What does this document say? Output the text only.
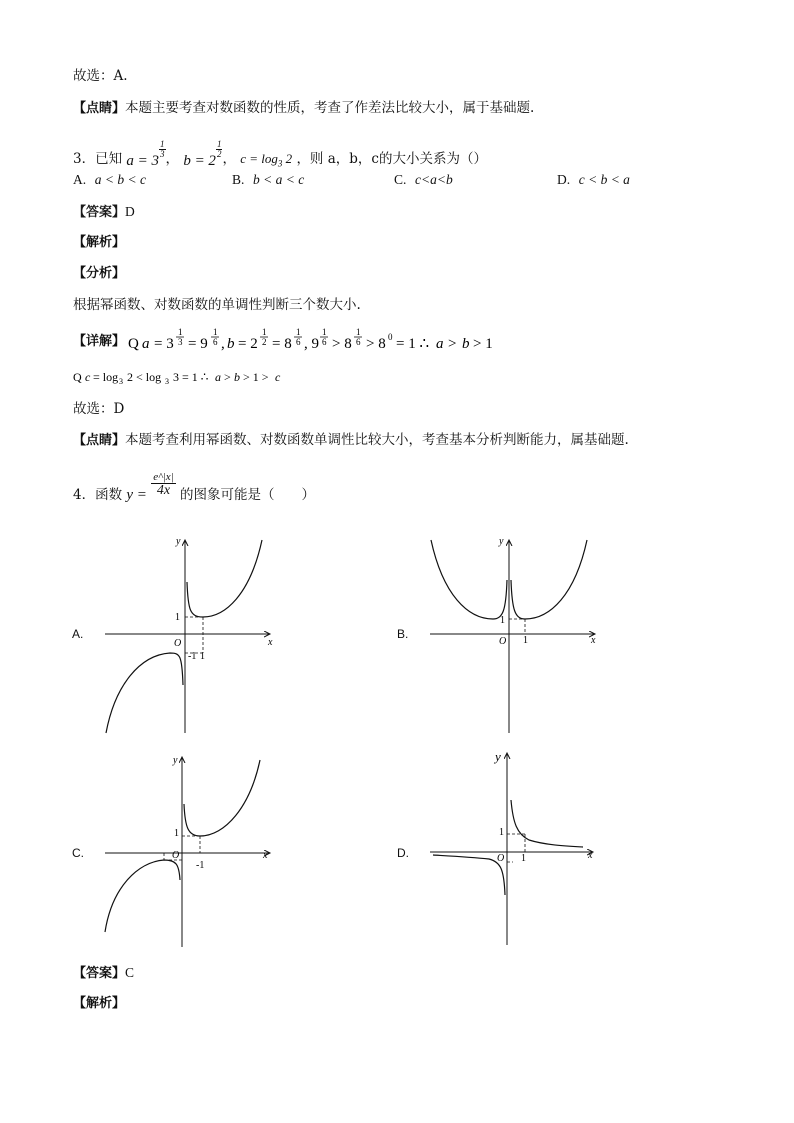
故选：A.
【点睛】本题主要考查对数函数的性质，考查了作差法比较大小，属于基础题.
3．已知 a = 3
$^{\frac{1}{3}}$ ， b = 2
$^{\frac{1}{2}}$ ， $c = \log_3 2$ ，则 a，b，c的大小关系为（）
A. a < b < c	B. b < a < c	C. c<a<b	D. c < b < a
【答案】D
【解析】
【分析】
根据幂函数、对数函数的单调性判断三个数大小.
【详解】 Q a = 3
1
3 = 9
1
6 , b = 2
1
2 = 8
1
6 , 9
1
6 > 8
1
6 > 8 0 = 1 ∴ a > b > 1
Q c = log 3 2 < log 3 3 = 1 ∴ a > b > 1 > c
故选：D
【点睛】本题考查利用幂函数、对数函数单调性比较大小，考查基本分析判断能力，属基础题.
4．函数 $y = \frac{e\^{}|x|}{4x}$ 的图象可能是（　　）
A.
x
y
O
1
1
-1
B.	x
y
O
1
1
C.	x
y
O
1
-1
D.	x
y
O
1
1
【答案】C
【解析】
